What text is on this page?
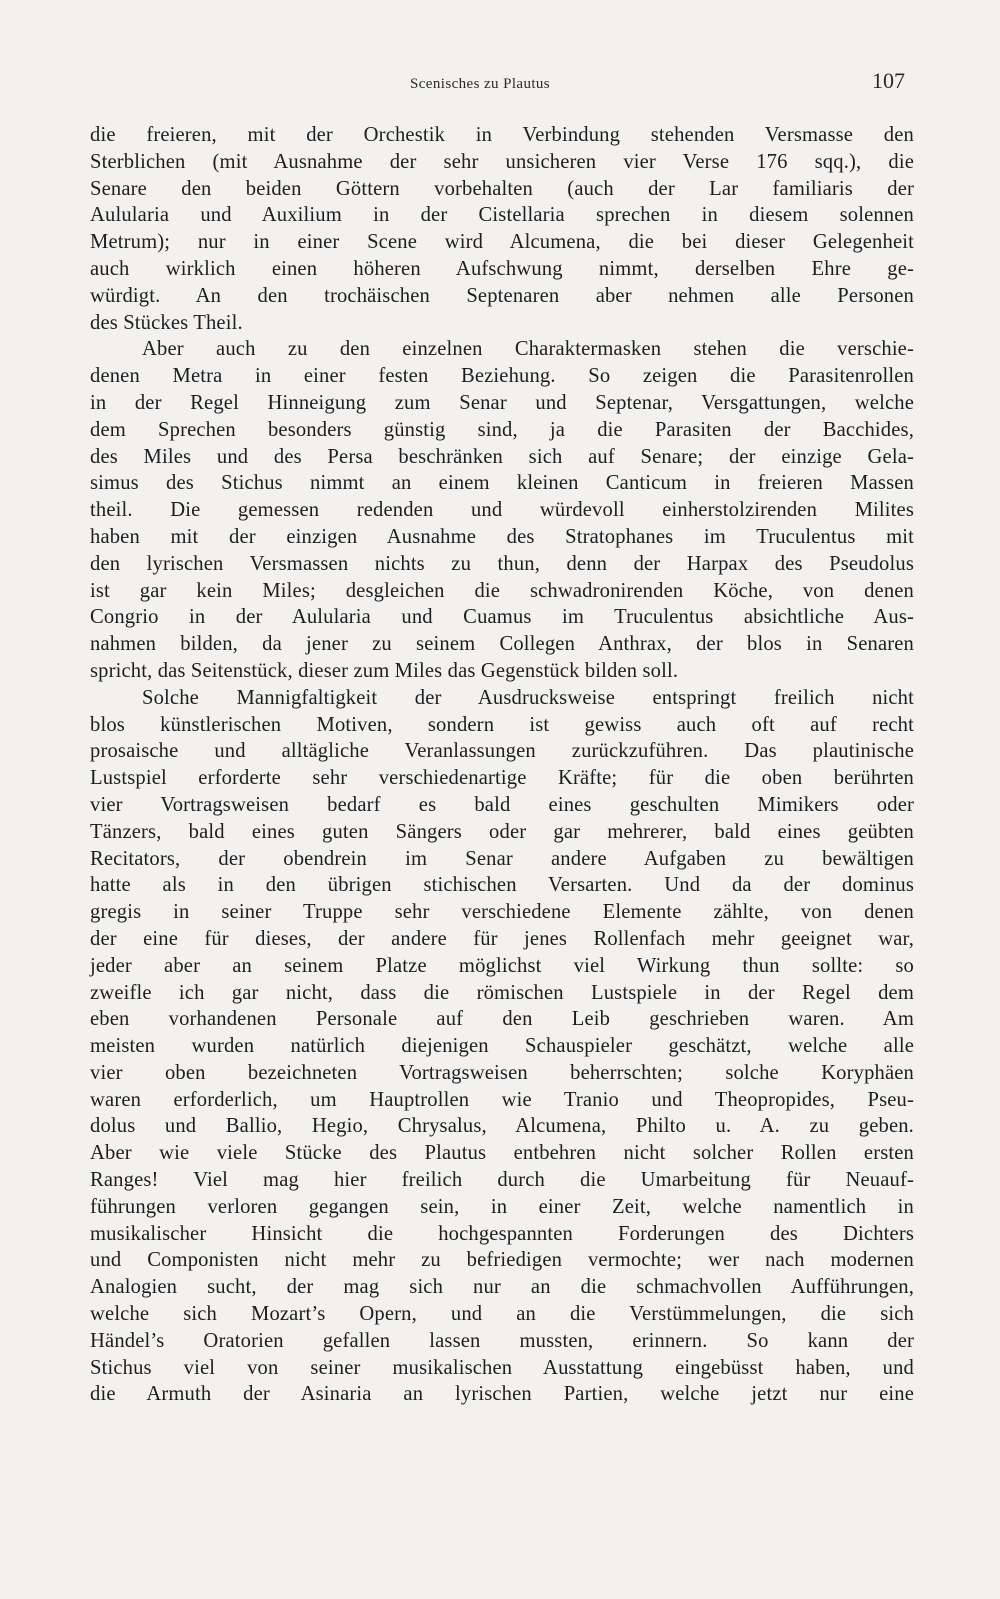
Scenisches zu Plautus	107
die freieren, mit der Orchestik in Verbindung stehenden Versmasse den
Sterblichen (mit Ausnahme der sehr unsicheren vier Verse 176 sqq.), die
Senare den beiden Göttern vorbehalten (auch der Lar familiaris der
Aulularia und Auxilium in der Cistellaria sprechen in diesem solennen
Metrum); nur in einer Scene wird Alcumena, die bei dieser Gelegenheit
auch wirklich einen höheren Aufschwung nimmt, derselben Ehre ge-
würdigt. An den trochäischen Septenaren aber nehmen alle Personen
des Stückes Theil.
Aber auch zu den einzelnen Charaktermasken stehen die verschie-
denen Metra in einer festen Beziehung. So zeigen die Parasitenrollen
in der Regel Hinneigung zum Senar und Septenar, Versgattungen, welche
dem Sprechen besonders günstig sind, ja die Parasiten der Bacchides,
des Miles und des Persa beschränken sich auf Senare; der einzige Gela-
simus des Stichus nimmt an einem kleinen Canticum in freieren Massen
theil. Die gemessen redenden und würdevoll einherstolzirenden Milites
haben mit der einzigen Ausnahme des Stratophanes im Truculentus mit
den lyrischen Versmassen nichts zu thun, denn der Harpax des Pseudolus
ist gar kein Miles; desgleichen die schwadronirenden Köche, von denen
Congrio in der Aulularia und Cuamus im Truculentus absichtliche Aus-
nahmen bilden, da jener zu seinem Collegen Anthrax, der blos in Senaren
spricht, das Seitenstück, dieser zum Miles das Gegenstück bilden soll.
Solche Mannigfaltigkeit der Ausdrucksweise entspringt freilich nicht
blos künstlerischen Motiven, sondern ist gewiss auch oft auf recht
prosaische und alltägliche Veranlassungen zurückzuführen. Das plautinische
Lustspiel erforderte sehr verschiedenartige Kräfte; für die oben berührten
vier Vortragsweisen bedarf es bald eines geschulten Mimikers oder
Tänzers, bald eines guten Sängers oder gar mehrerer, bald eines geübten
Recitators, der obendrein im Senar andere Aufgaben zu bewältigen
hatte als in den übrigen stichischen Versarten. Und da der dominus
gregis in seiner Truppe sehr verschiedene Elemente zählte, von denen
der eine für dieses, der andere für jenes Rollenfach mehr geeignet war,
jeder aber an seinem Platze möglichst viel Wirkung thun sollte: so
zweifle ich gar nicht, dass die römischen Lustspiele in der Regel dem
eben vorhandenen Personale auf den Leib geschrieben waren. Am
meisten wurden natürlich diejenigen Schauspieler geschätzt, welche alle
vier oben bezeichneten Vortragsweisen beherrschten; solche Koryphäen
waren erforderlich, um Hauptrollen wie Tranio und Theopropides, Pseu-
dolus und Ballio, Hegio, Chrysalus, Alcumena, Philto u. A. zu geben.
Aber wie viele Stücke des Plautus entbehren nicht solcher Rollen ersten
Ranges! Viel mag hier freilich durch die Umarbeitung für Neuauf-
führungen verloren gegangen sein, in einer Zeit, welche namentlich in
musikalischer Hinsicht die hochgespannten Forderungen des Dichters
und Componisten nicht mehr zu befriedigen vermochte; wer nach modernen
Analogien sucht, der mag sich nur an die schmachvollen Aufführungen,
welche sich Mozart’s Opern, und an die Verstümmelungen, die sich
Händel’s Oratorien gefallen lassen mussten, erinnern. So kann der
Stichus viel von seiner musikalischen Ausstattung eingebüsst haben, und
die Armuth der Asinaria an lyrischen Partien, welche jetzt nur eine
